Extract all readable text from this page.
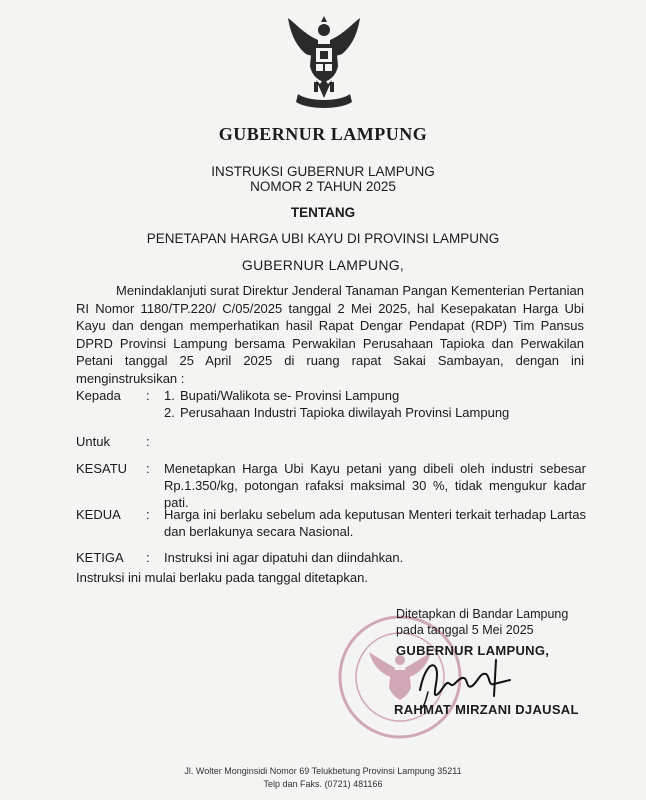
GUBERNUR LAMPUNG
INSTRUKSI GUBERNUR LAMPUNG
NOMOR 2 TAHUN 2025
TENTANG
PENETAPAN HARGA UBI KAYU DI PROVINSI LAMPUNG
GUBERNUR LAMPUNG,
Menindaklanjuti surat Direktur Jenderal Tanaman Pangan Kementerian Pertanian RI Nomor 1180/TP.220/ C/05/2025 tanggal 2 Mei 2025, hal Kesepakatan Harga Ubi Kayu dan dengan memperhatikan hasil Rapat Dengar Pendapat (RDP) Tim Pansus DPRD Provinsi Lampung bersama Perwakilan Perusahaan Tapioka dan Perwakilan Petani tanggal 25 April 2025 di ruang rapat Sakai Sambayan, dengan ini menginstruksikan :
Kepada : 1. Bupati/Walikota se- Provinsi Lampung
2. Perusahaan Industri Tapioka diwilayah Provinsi Lampung
Untuk	:
KESATU : Menetapkan Harga Ubi Kayu petani yang dibeli oleh industri sebesar Rp.1.350/kg, potongan rafaksi maksimal 30 %, tidak mengukur kadar pati.
KEDUA : Harga ini berlaku sebelum ada keputusan Menteri terkait terhadap Lartas dan berlakunya secara Nasional.
KETIGA : Instruksi ini agar dipatuhi dan diindahkan.
Instruksi ini mulai berlaku pada tanggal ditetapkan.
Ditetapkan di Bandar Lampung
pada tanggal 5 Mei 2025
GUBERNUR LAMPUNG,
RAHMAT MIRZANI DJAUSAL
Jl. Wolter Monginsidi Nomor 69 Telukbetung Provinsi Lampung 35211
Telp dan Faks. (0721) 481166
